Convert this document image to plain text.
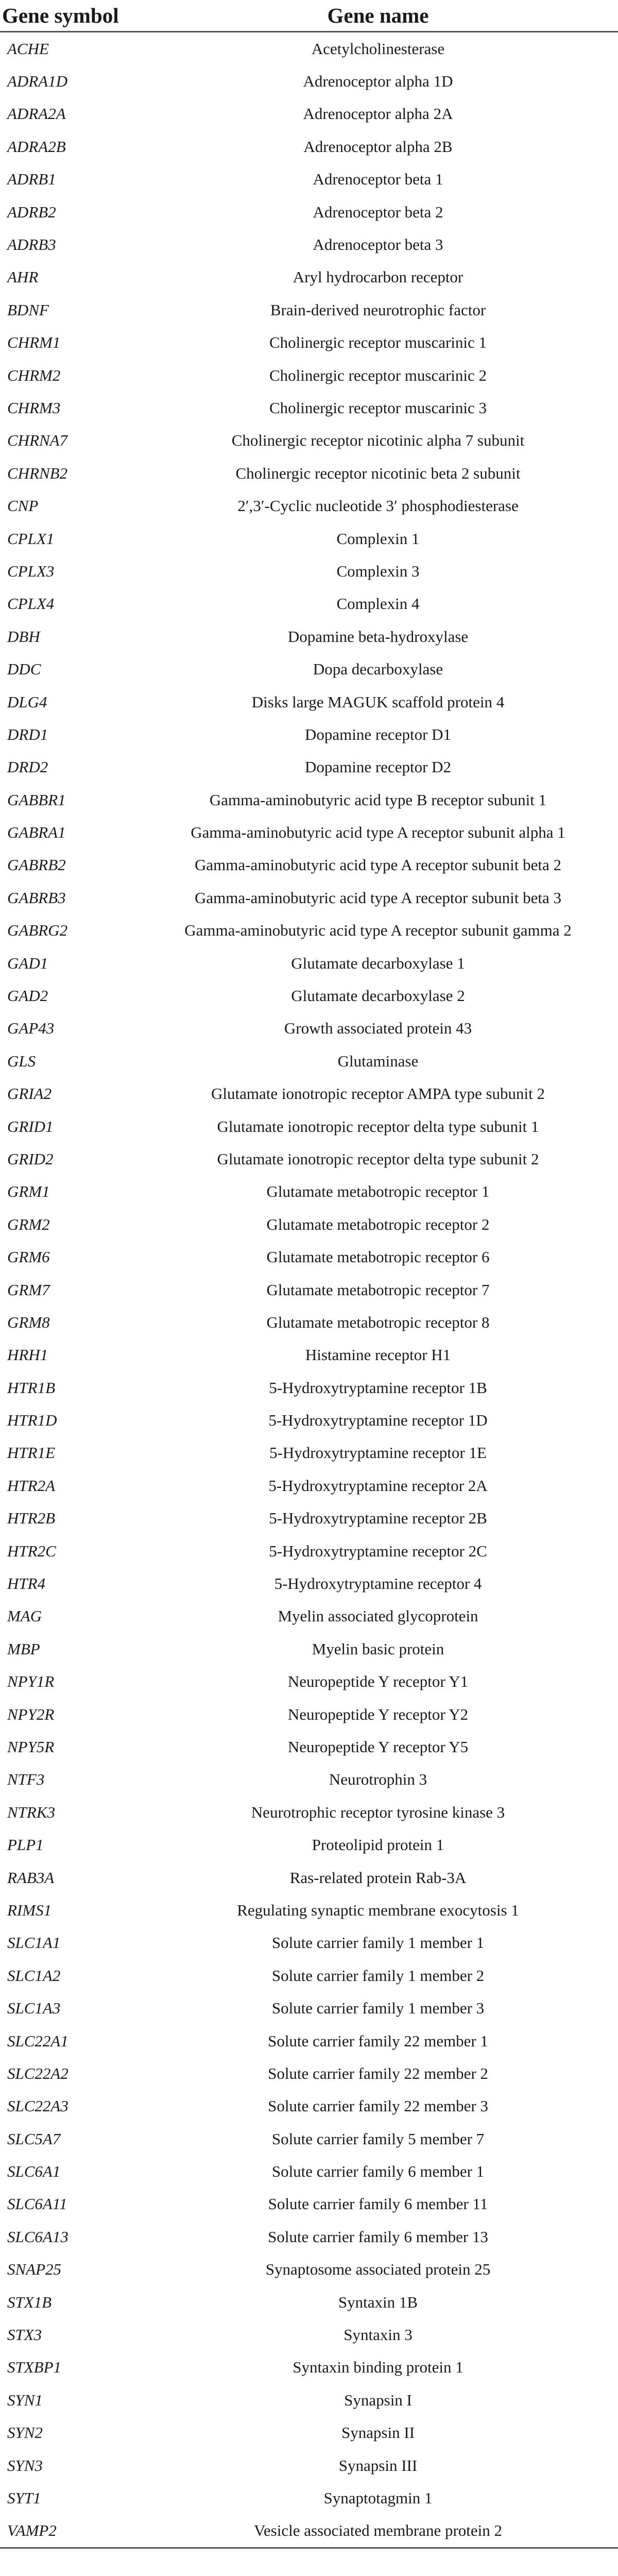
Gene symbol	Gene name
ACHE	Acetylcholinesterase
ADRA1D	Adrenoceptor alpha 1D
ADRA2A	Adrenoceptor alpha 2A
ADRA2B	Adrenoceptor alpha 2B
ADRB1	Adrenoceptor beta 1
ADRB2	Adrenoceptor beta 2
ADRB3	Adrenoceptor beta 3
AHR	Aryl hydrocarbon receptor
BDNF	Brain-derived neurotrophic factor
CHRM1	Cholinergic receptor muscarinic 1
CHRM2	Cholinergic receptor muscarinic 2
CHRM3	Cholinergic receptor muscarinic 3
CHRNA7	Cholinergic receptor nicotinic alpha 7 subunit
CHRNB2	Cholinergic receptor nicotinic beta 2 subunit
CNP	2′,3′-Cyclic nucleotide 3′ phosphodiesterase
CPLX1	Complexin 1
CPLX3	Complexin 3
CPLX4	Complexin 4
DBH	Dopamine beta-hydroxylase
DDC	Dopa decarboxylase
DLG4	Disks large MAGUK scaffold protein 4
DRD1	Dopamine receptor D1
DRD2	Dopamine receptor D2
GABBR1	Gamma-aminobutyric acid type B receptor subunit 1
GABRA1	Gamma-aminobutyric acid type A receptor subunit alpha 1
GABRB2	Gamma-aminobutyric acid type A receptor subunit beta 2
GABRB3	Gamma-aminobutyric acid type A receptor subunit beta 3
GABRG2	Gamma-aminobutyric acid type A receptor subunit gamma 2
GAD1	Glutamate decarboxylase 1
GAD2	Glutamate decarboxylase 2
GAP43	Growth associated protein 43
GLS	Glutaminase
GRIA2	Glutamate ionotropic receptor AMPA type subunit 2
GRID1	Glutamate ionotropic receptor delta type subunit 1
GRID2	Glutamate ionotropic receptor delta type subunit 2
GRM1	Glutamate metabotropic receptor 1
GRM2	Glutamate metabotropic receptor 2
GRM6	Glutamate metabotropic receptor 6
GRM7	Glutamate metabotropic receptor 7
GRM8	Glutamate metabotropic receptor 8
HRH1	Histamine receptor H1
HTR1B	5-Hydroxytryptamine receptor 1B
HTR1D	5-Hydroxytryptamine receptor 1D
HTR1E	5-Hydroxytryptamine receptor 1E
HTR2A	5-Hydroxytryptamine receptor 2A
HTR2B	5-Hydroxytryptamine receptor 2B
HTR2C	5-Hydroxytryptamine receptor 2C
HTR4	5-Hydroxytryptamine receptor 4
MAG	Myelin associated glycoprotein
MBP	Myelin basic protein
NPY1R	Neuropeptide Y receptor Y1
NPY2R	Neuropeptide Y receptor Y2
NPY5R	Neuropeptide Y receptor Y5
NTF3	Neurotrophin 3
NTRK3	Neurotrophic receptor tyrosine kinase 3
PLP1	Proteolipid protein 1
RAB3A	Ras-related protein Rab-3A
RIMS1	Regulating synaptic membrane exocytosis 1
SLC1A1	Solute carrier family 1 member 1
SLC1A2	Solute carrier family 1 member 2
SLC1A3	Solute carrier family 1 member 3
SLC22A1	Solute carrier family 22 member 1
SLC22A2	Solute carrier family 22 member 2
SLC22A3	Solute carrier family 22 member 3
SLC5A7	Solute carrier family 5 member 7
SLC6A1	Solute carrier family 6 member 1
SLC6A11	Solute carrier family 6 member 11
SLC6A13	Solute carrier family 6 member 13
SNAP25	Synaptosome associated protein 25
STX1B	Syntaxin 1B
STX3	Syntaxin 3
STXBP1	Syntaxin binding protein 1
SYN1	Synapsin I
SYN2	Synapsin II
SYN3	Synapsin III
SYT1	Synaptotagmin 1
VAMP2	Vesicle associated membrane protein 2
